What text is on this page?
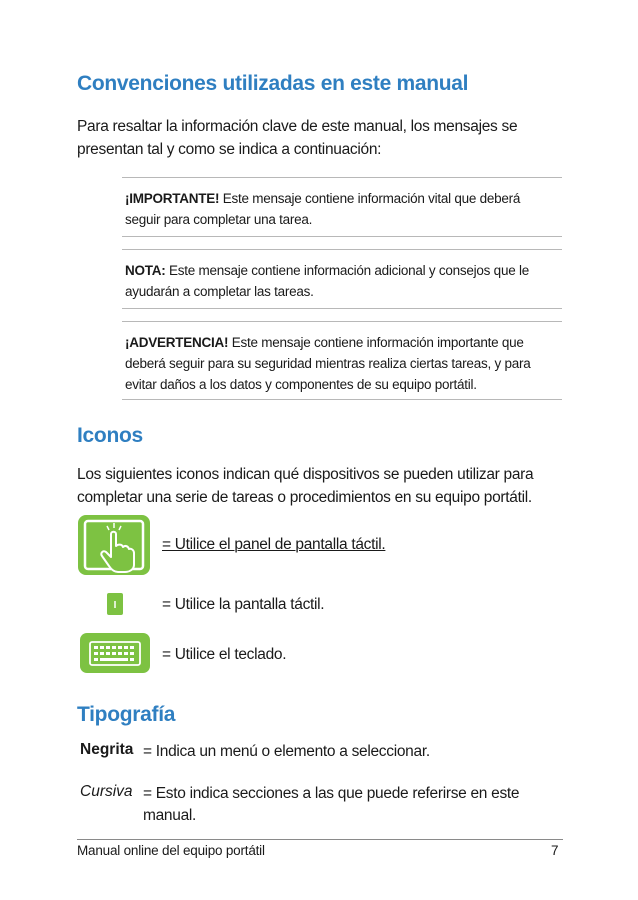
Convenciones utilizadas en este manual
Para resaltar la información clave de este manual, los mensajes se
presentan tal y como se indica a continuación:
¡IMPORTANTE! Este mensaje contiene información vital que deberá
seguir para completar una tarea.
NOTA: Este mensaje contiene información adicional y consejos que le
ayudarán a completar las tareas.
¡ADVERTENCIA! Este mensaje contiene información importante que
deberá seguir para su seguridad mientras realiza ciertas tareas, y para
evitar daños a los datos y componentes de su equipo portátil.
Iconos
Los siguientes iconos indican qué dispositivos se pueden utilizar para
completar una serie de tareas o procedimientos en su equipo portátil.
= Utilice el panel de pantalla táctil.
= Utilice la pantalla táctil.
= Utilice el teclado.
Tipografía
Negrita = Indica un menú o elemento a seleccionar.
Cursiva = Esto indica secciones a las que puede referirse en este
manual.
Manual online del equipo portátil	7
